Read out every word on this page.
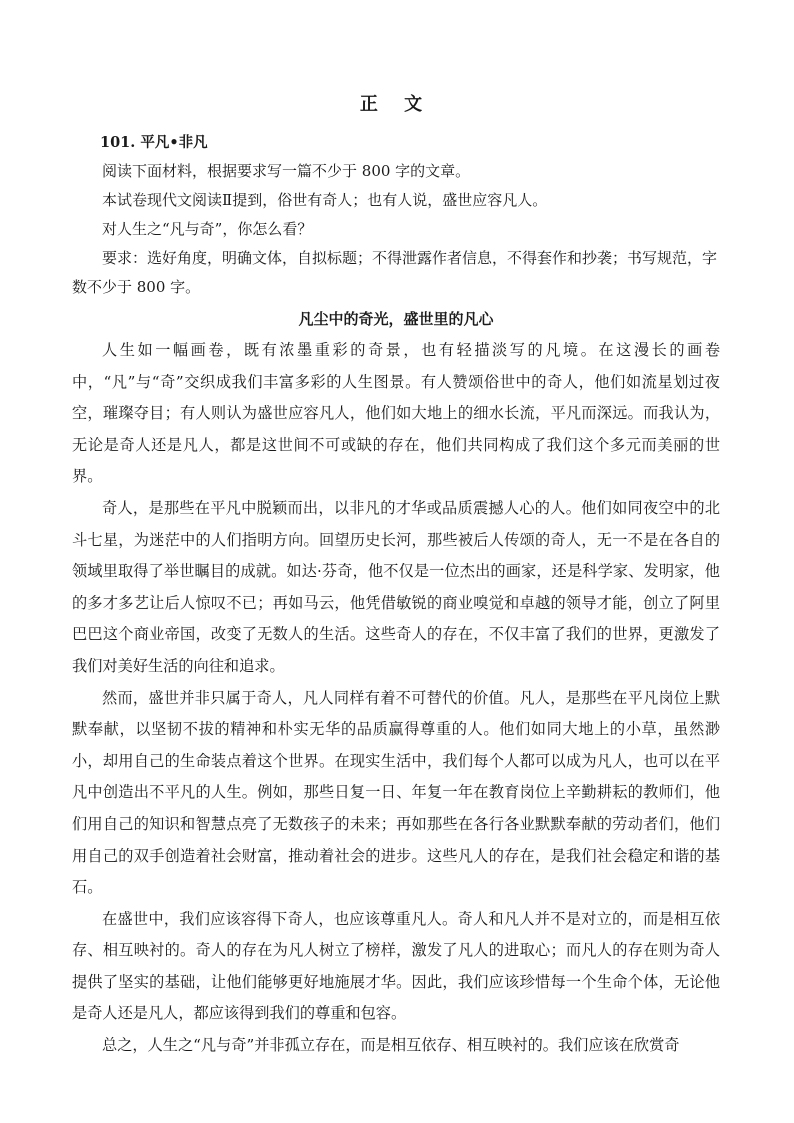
正 文
101. 平凡•非凡

阅读下面材料，根据要求写一篇不少于 800 字的文章。

本试卷现代文阅读Ⅱ提到，俗世有奇人；也有人说，盛世应容凡人。

对人生之“凡与奇”，你怎么看？

要求：选好角度，明确文体，自拟标题；不得泄露作者信息，不得套作和抄袭；书写规范，字数不少于 800 字。

凡尘中的奇光，盛世里的凡心

人生如一幅画卷，既有浓墨重彩的奇景，也有轻描淡写的凡境。在这漫长的画卷中，“凡”与“奇”交织成我们丰富多彩的人生图景。有人赞颂俗世中的奇人，他们如流星划过夜空，璀璨夺目；有人则认为盛世应容凡人，他们如大地上的细水长流，平凡而深远。而我认为，无论是奇人还是凡人，都是这世间不可或缺的存在，他们共同构成了我们这个多元而美丽的世界。

奇人，是那些在平凡中脱颖而出，以非凡的才华或品质震撼人心的人。他们如同夜空中的北斗七星，为迷茫中的人们指明方向。回望历史长河，那些被后人传颂的奇人，无一不是在各自的领域里取得了举世瞩目的成就。如达·芬奇，他不仅是一位杰出的画家，还是科学家、发明家，他的多才多艺让后人惊叹不已；再如马云，他凭借敏锐的商业嗅觉和卓越的领导才能，创立了阿里巴巴这个商业帝国，改变了无数人的生活。这些奇人的存在，不仅丰富了我们的世界，更激发了我们对美好生活的向往和追求。

然而，盛世并非只属于奇人，凡人同样有着不可替代的价值。凡人，是那些在平凡岗位上默默奉献，以坚韧不拔的精神和朴实无华的品质赢得尊重的人。他们如同大地上的小草，虽然渺小，却用自己的生命装点着这个世界。在现实生活中，我们每个人都可以成为凡人，也可以在平凡中创造出不平凡的人生。例如，那些日复一日、年复一年在教育岗位上辛勤耕耘的教师们，他们用自己的知识和智慧点亮了无数孩子的未来；再如那些在各行各业默默奉献的劳动者们，他们用自己的双手创造着社会财富，推动着社会的进步。这些凡人的存在，是我们社会稳定和谐的基石。

在盛世中，我们应该容得下奇人，也应该尊重凡人。奇人和凡人并不是对立的，而是相互依存、相互映衬的。奇人的存在为凡人树立了榜样，激发了凡人的进取心；而凡人的存在则为奇人提供了坚实的基础，让他们能够更好地施展才华。因此，我们应该珍惜每一个生命个体，无论他是奇人还是凡人，都应该得到我们的尊重和包容。

总之，人生之“凡与奇”并非孤立存在，而是相互依存、相互映衬的。我们应该在欣赏奇
